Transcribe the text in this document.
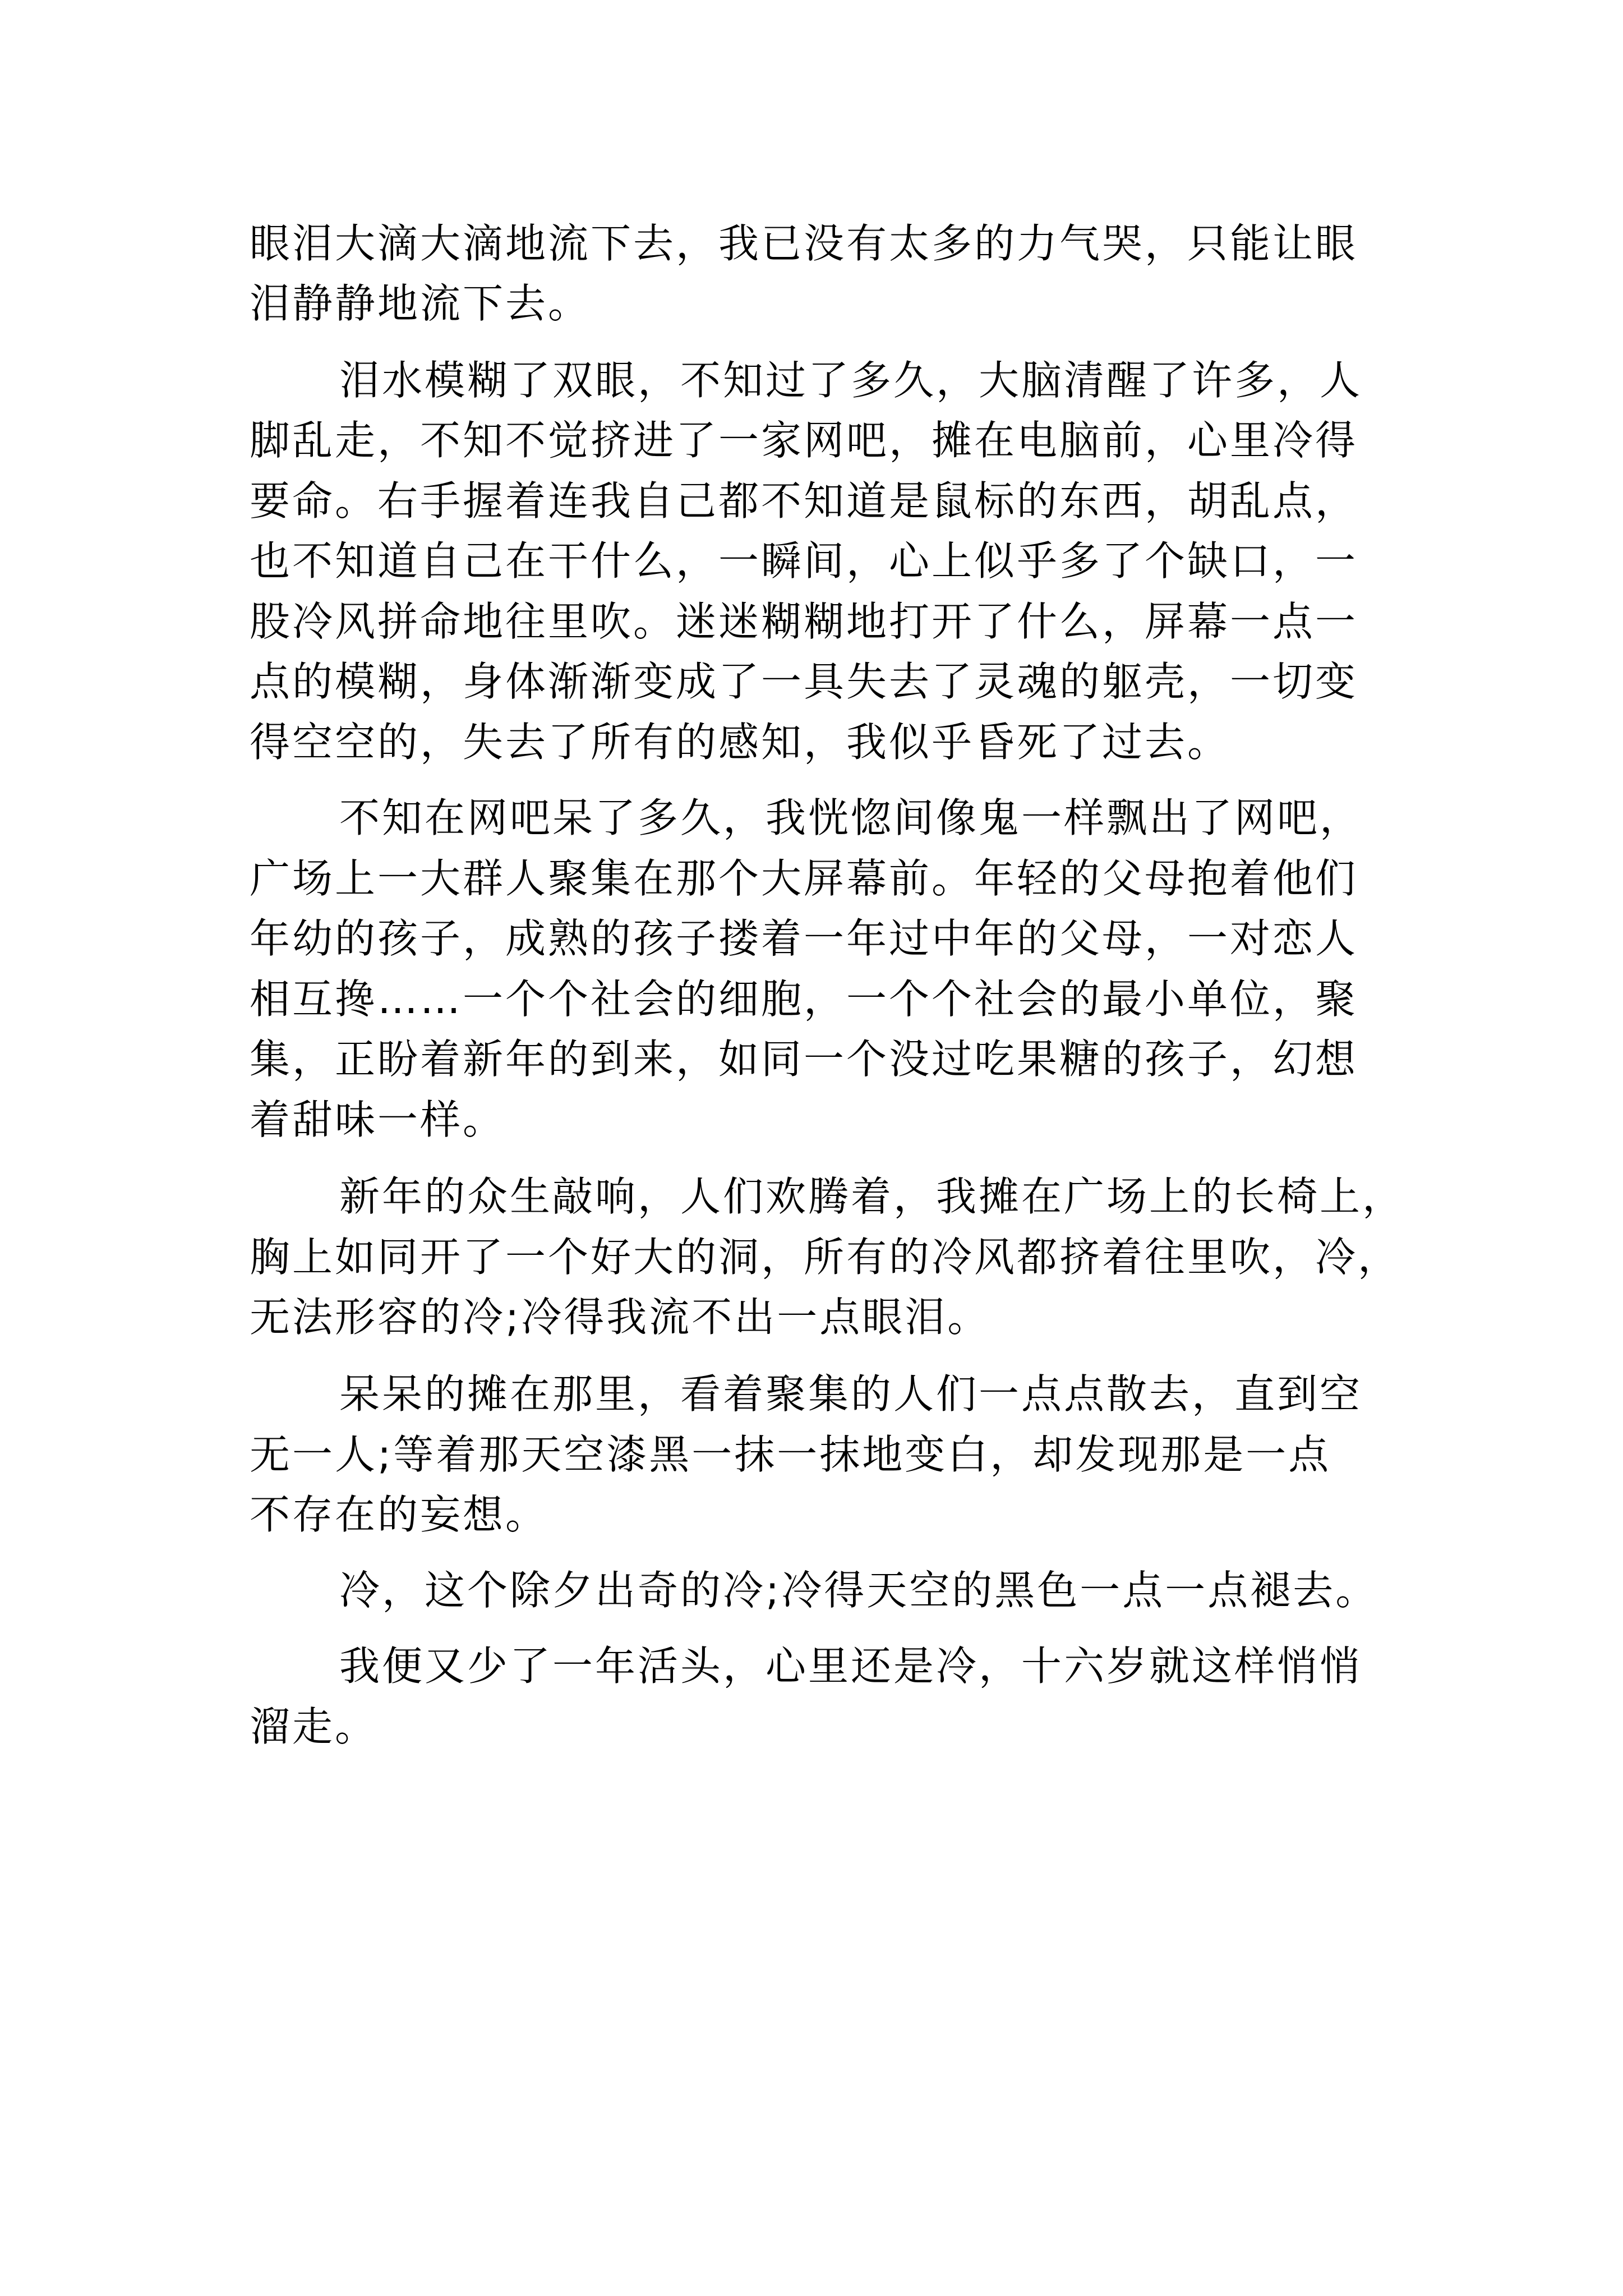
眼泪大滴大滴地流下去，我已没有太多的力气哭，只能让眼

泪静静地流下去。

泪水模糊了双眼，不知过了多久，大脑清醒了许多，人

脚乱走，不知不觉挤进了一家网吧，摊在电脑前，心里冷得

要命。右手握着连我自己都不知道是鼠标的东西，胡乱点，

也不知道自己在干什么，一瞬间，心上似乎多了个缺口，一

股冷风拼命地往里吹。迷迷糊糊地打开了什么，屏幕一点一

点的模糊，身体渐渐变成了一具失去了灵魂的躯壳，一切变

得空空的，失去了所有的感知，我似乎昏死了过去。

不知在网吧呆了多久，我恍惚间像鬼一样飘出了网吧，

广场上一大群人聚集在那个大屏幕前。年轻的父母抱着他们

年幼的孩子，成熟的孩子搂着一年过中年的父母，一对恋人

相互搀……一个个社会的细胞，一个个社会的最小单位，聚

集，正盼着新年的到来，如同一个没过吃果糖的孩子，幻想

着甜味一样。

新年的众生敲响，人们欢腾着，我摊在广场上的长椅上，

胸上如同开了一个好大的洞，所有的冷风都挤着往里吹，冷，

无法形容的冷;冷得我流不出一点眼泪。

呆呆的摊在那里，看着聚集的人们一点点散去，直到空

无一人;等着那天空漆黑一抹一抹地变白，却发现那是一点

不存在的妄想。

冷，这个除夕出奇的冷;冷得天空的黑色一点一点褪去。

我便又少了一年活头，心里还是冷，十六岁就这样悄悄

溜走。
